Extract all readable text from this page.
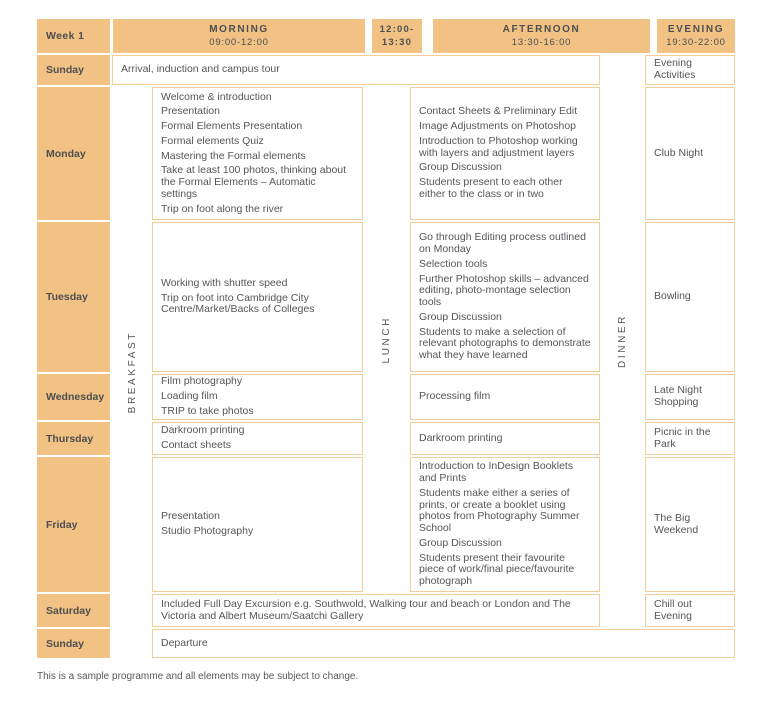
Week 1
MORNING
09:00-12:00
12:00-
13:30
AFTERNOON
13:30-16:00
EVENING
19:30-22:00
Sunday
Monday
Tuesday
Wednesday
Thursday
Friday
Saturday
Sunday
BREAKFAST	LUNCH	DINNER

Arrival, induction and campus tour

Welcome & introduction

Presentation

Formal Elements Presentation

Formal elements Quiz

Mastering the Formal elements

Take at least 100 photos, thinking about the Formal Elements – Automatic settings

Trip on foot along the river

Contact Sheets & Preliminary Edit

Image Adjustments on Photoshop

Introduction to Photoshop working with layers and adjustment layers

Group Discussion

Students present to each other either to the class or in two

Working with shutter speed

Trip on foot into Cambridge City Centre/Market/Backs of Colleges

Go through Editing process outlined on Monday

Selection tools

Further Photoshop skills – advanced editing, photo-montage selection tools

Group Discussion

Students to make a selection of relevant photographs to demonstrate what they have learned

Film photography

Loading film

TRIP to take photos

Processing film

Darkroom printing

Contact sheets

Darkroom printing

Presentation

Studio Photography

Introduction to InDesign Booklets and Prints

Students make either a series of prints, or create a booklet using photos from Photography Summer School

Group Discussion

Students present their favourite piece of work/final piece/favourite photograph

Included Full Day Excursion e.g. Southwold, Walking tour and beach or London and The Victoria and Albert Museum/Saatchi Gallery

Departure

Evening Activities

Club Night

Bowling

Late Night Shopping

Picnic in the Park

The Big Weekend

Chill out Evening

This is a sample programme and all elements may be subject to change.
